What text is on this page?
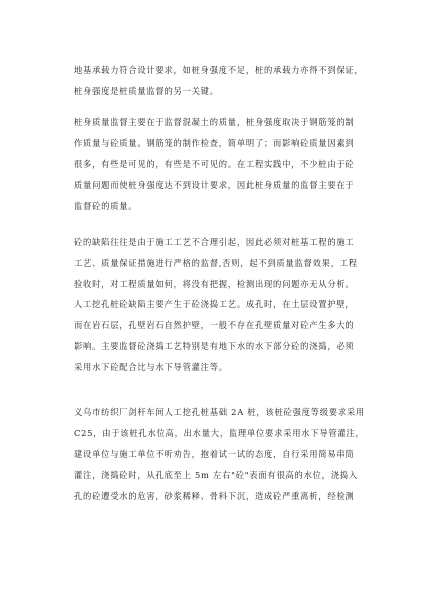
地基承载力符合设计要求，如桩身强度不足，桩的承载力亦得不到保证，
桩身强度是桩质量监督的另一关键。
桩身质量监督主要在于监督混凝土的质量，桩身强度取决于钢筋笼的制
作质量与砼质量。钢筋笼的制作检查，简单明了；而影响砼质量因素到
很多，有些是可见的，有些是不可见的。在工程实践中，不少桩由于砼
质量问题而使桩身强度达不到设计要求，因此桩身质量的监督主要在于
监督砼的质量。
砼的缺陷往往是由于施工工艺不合理引起，因此必须对桩基工程的施工
工艺、质量保证措施进行严格的监督,否则，起不到质量监督效果，工程
验收时，对工程质量如何，将没有把握，检测出现的问题亦无从分析。
人工挖孔桩砼缺陷主要产生于砼浇捣工艺。成孔时，在土层设置护壁，
而在岩石层，孔壁岩石自然护壁，一般不存在孔壁质量对砼产生多大的
影响。主要监督砼浇捣工艺特别是有地下水的水下部分砼的浇捣，必须
采用水下砼配合比与水下导管灌注等。
义乌市纺织厂剑杆车间人工挖孔桩基础 2A 桩，该桩砼强度等级要求采用
C25，由于该桩孔水位高，出水量大，监理单位要求采用水下导管灌注，
建设单位与施工单位不听劝告，抱着试一试的态度，自行采用简易串筒
灌注，浇捣砼时，从孔底至上 5m 左右"砼"表面有很高的水位，浇捣入
孔的砼遭受水的危害，砂浆稀释、骨料下沉，造成砼严重离析，经检测
